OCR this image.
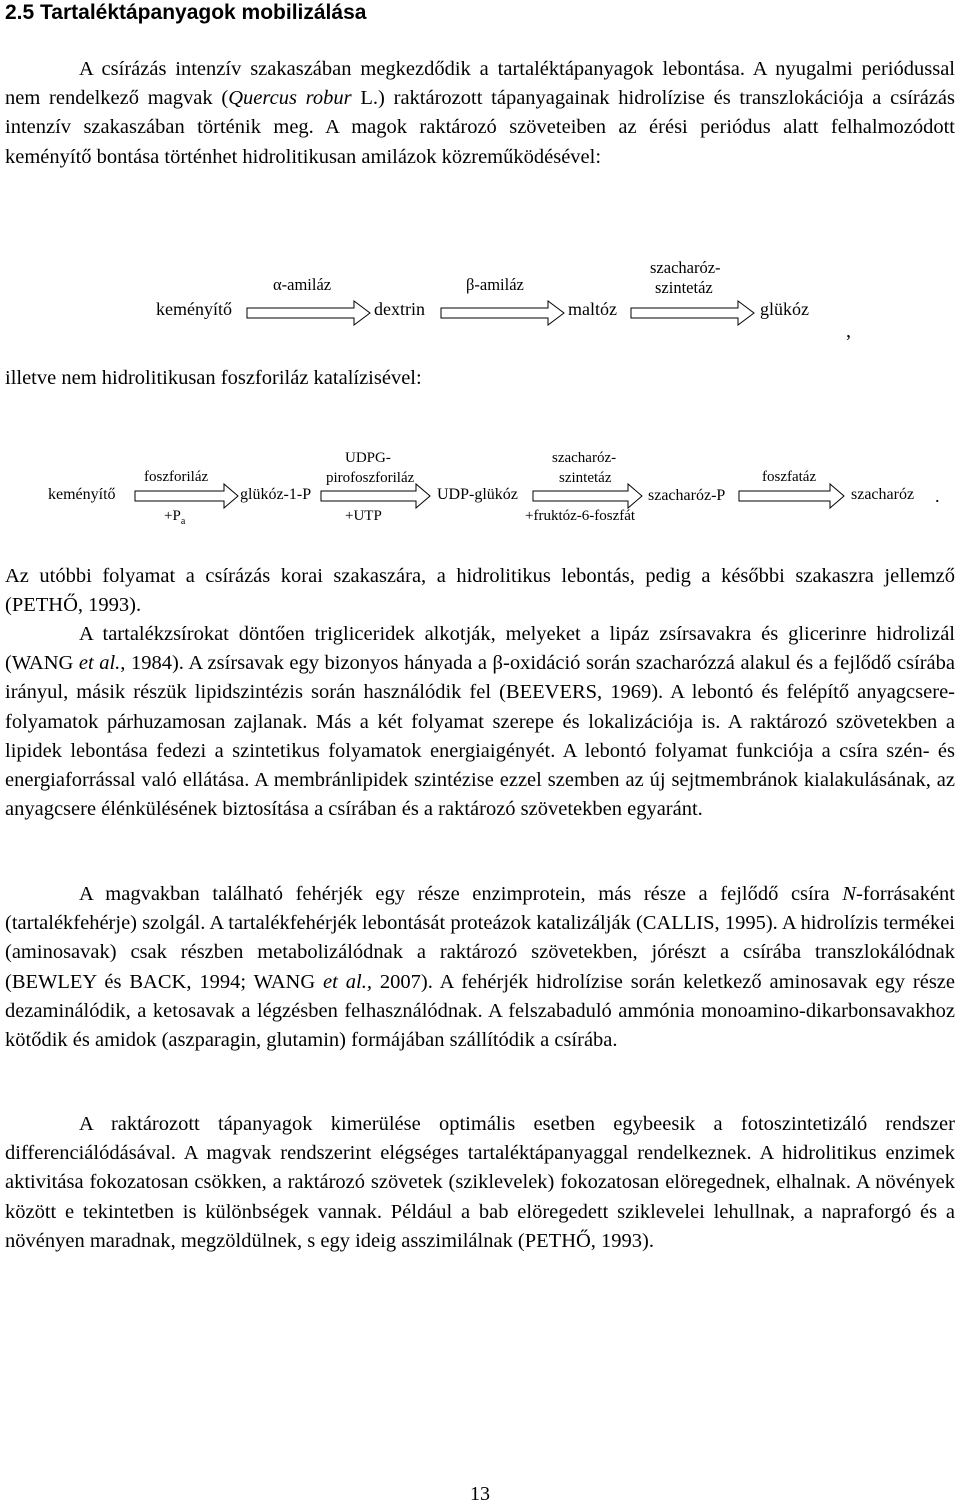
2.5 Tartaléktápanyagok mobilizálása

A csírázás intenzív szakaszában megkezdődik a tartaléktápanyagok lebontása. A nyugalmi periódussal nem rendelkező magvak (Quercus robur L.) raktározott tápanyagainak hidrolízise és transzlokációja a csírázás intenzív szakaszában történik meg. A magok raktározó szöveteiben az érési periódus alatt felhalmozódott keményítő bontása történhet hidrolitikusan amilázok közreműködésével:

α-amiláz	β-amiláz
szacharóz-
szintetáz
keményítő	dextrin	maltóz	glükóz
,

illetve nem hidrolitikusan foszforiláz katalízisével:

foszforiláz
UDPG-
pirofoszforiláz
szacharóz-
szintetáz	foszfatáz
keményítő	glükóz-1-P	UDP-glükóz	szacharóz-P	szacharóz .
$+P_a$	+UTP	+fruktóz-6-foszfát

Az utóbbi folyamat a csírázás korai szakaszára, a hidrolitikus lebontás, pedig a későbbi szakaszra jellemző (PETHŐ, 1993).

A tartalékzsírokat döntően trigliceridek alkotják, melyeket a lipáz zsírsavakra és glicerinre hidrolizál (WANG et al., 1984). A zsírsavak egy bizonyos hányada a β-oxidáció során szacharózzá alakul és a fejlődő csírába irányul, másik részük lipidszintézis során használódik fel (BEEVERS, 1969). A lebontó és felépítő anyagcsere-folyamatok párhuzamosan zajlanak. Más a két folyamat szerepe és lokalizációja is. A raktározó szövetekben a lipidek lebontása fedezi a szintetikus folyamatok energiaigényét. A lebontó folyamat funkciója a csíra szén- és energiaforrással való ellátása. A membránlipidek szintézise ezzel szemben az új sejtmembránok kialakulásának, az anyagcsere élénkülésének biztosítása a csírában és a raktározó szövetekben egyaránt.

A magvakban található fehérjék egy része enzimprotein, más része a fejlődő csíra N-forrásaként (tartalékfehérje) szolgál. A tartalékfehérjék lebontását proteázok katalizálják (CALLIS, 1995). A hidrolízis termékei (aminosavak) csak részben metabolizálódnak a raktározó szövetekben, jórészt a csírába transzlokálódnak (BEWLEY és BACK, 1994; WANG et al., 2007). A fehérjék hidrolízise során keletkező aminosavak egy része dezaminálódik, a ketosavak a légzésben felhasználódnak. A felszabaduló ammónia monoamino-dikarbonsavakhoz kötődik és amidok (aszparagin, glutamin) formájában szállítódik a csírába.

A raktározott tápanyagok kimerülése optimális esetben egybeesik a fotoszintetizáló rendszer differenciálódásával. A magvak rendszerint elégséges tartaléktápanyaggal rendelkeznek. A hidrolitikus enzimek aktivitása fokozatosan csökken, a raktározó szövetek (sziklevelek) fokozatosan elöregednek, elhalnak. A növények között e tekintetben is különbségek vannak. Például a bab elöregedett sziklevelei lehullnak, a napraforgó és a növényen maradnak, megzöldülnek, s egy ideig asszimilálnak (PETHŐ, 1993).

13
